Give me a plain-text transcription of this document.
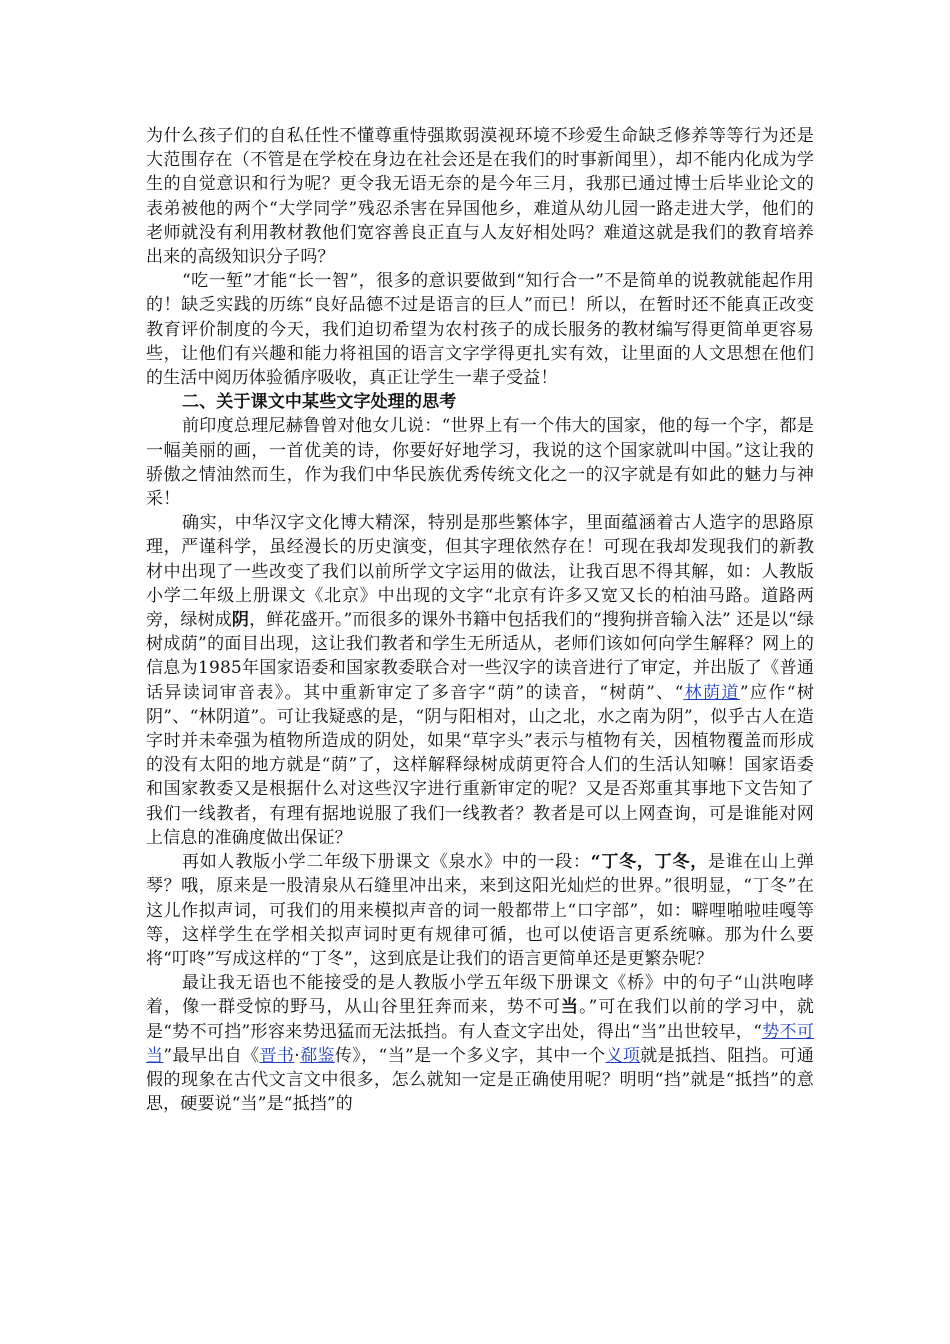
为什么孩子们的自私任性不懂尊重恃强欺弱漠视环境不珍爱生命缺乏修养等等行为还是大范围存在（不管是在学校在身边在社会还是在我们的时事新闻里），却不能内化成为学生的自觉意识和行为呢？更令我无语无奈的是今年三月，我那已通过博士后毕业论文的表弟被他的两个“大学同学”残忍杀害在异国他乡，难道从幼儿园一路走进大学，他们的老师就没有利用教材教他们宽容善良正直与人友好相处吗？难道这就是我们的教育培养出来的高级知识分子吗？

“吃一堑”才能“长一智”，很多的意识要做到“知行合一”不是简单的说教就能起作用的！缺乏实践的历练“良好品德不过是语言的巨人”而已！所以，在暂时还不能真正改变教育评价制度的今天，我们迫切希望为农村孩子的成长服务的教材编写得更简单更容易些，让他们有兴趣和能力将祖国的语言文字学得更扎实有效，让里面的人文思想在他们的生活中阅历体验循序吸收，真正让学生一辈子受益！

二、关于课文中某些文字处理的思考

前印度总理尼赫鲁曾对他女儿说：“世界上有一个伟大的国家，他的每一个字，都是一幅美丽的画，一首优美的诗，你要好好地学习，我说的这个国家就叫中国。”这让我的骄傲之情油然而生，作为我们中华民族优秀传统文化之一的汉字就是有如此的魅力与神采！

确实，中华汉字文化博大精深，特别是那些繁体字，里面蕴涵着古人造字的思路原理，严谨科学，虽经漫长的历史演变，但其字理依然存在！可现在我却发现我们的新教材中出现了一些改变了我们以前所学文字运用的做法，让我百思不得其解，如：人教版小学二年级上册课文《北京》中出现的文字“北京有许多又宽又长的柏油马路。道路两旁，绿树成阴，鲜花盛开。”而很多的课外书籍中包括我们的“搜狗拼音输入法” 还是以“绿树成荫”的面目出现，这让我们教者和学生无所适从，老师们该如何向学生解释？网上的信息为1985年国家语委和国家教委联合对一些汉字的读音进行了审定，并出版了《普通话异读词审音表》。其中重新审定了多音字“荫”的读音，“树荫”、“林荫道”应作“树阴”、“林阴道”。可让我疑惑的是，“阴与阳相对，山之北，水之南为阴”，似乎古人在造字时并未牵强为植物所造成的阴处，如果“草字头”表示与植物有关，因植物覆盖而形成的没有太阳的地方就是“荫”了，这样解释绿树成荫更符合人们的生活认知嘛！国家语委和国家教委又是根据什么对这些汉字进行重新审定的呢？又是否郑重其事地下文告知了我们一线教者，有理有据地说服了我们一线教者？教者是可以上网查询，可是谁能对网上信息的准确度做出保证？

再如人教版小学二年级下册课文《泉水》中的一段：“丁冬，丁冬，是谁在山上弹琴？哦，原来是一股清泉从石缝里冲出来，来到这阳光灿烂的世界。”很明显，“丁冬”在这儿作拟声词，可我们的用来模拟声音的词一般都带上“口字部”，如：噼哩啪啦哇嘎等等，这样学生在学相关拟声词时更有规律可循，也可以使语言更系统嘛。那为什么要将“叮咚”写成这样的“丁冬”，这到底是让我们的语言更简单还是更繁杂呢？

最让我无语也不能接受的是人教版小学五年级下册课文《桥》中的句子“山洪咆哮着，像一群受惊的野马，从山谷里狂奔而来，势不可当。”可在我们以前的学习中，就是“势不可挡”形容来势迅猛而无法抵挡。有人查文字出处，得出“当”出世较早，“势不可当”最早出自《晋书·郗鉴传》，“当”是一个多义字，其中一个义项就是抵挡、阻挡。可通假的现象在古代文言文中很多，怎么就知一定是正确使用呢？明明“挡”就是“抵挡”的意思，硬要说“当”是“抵挡”的
